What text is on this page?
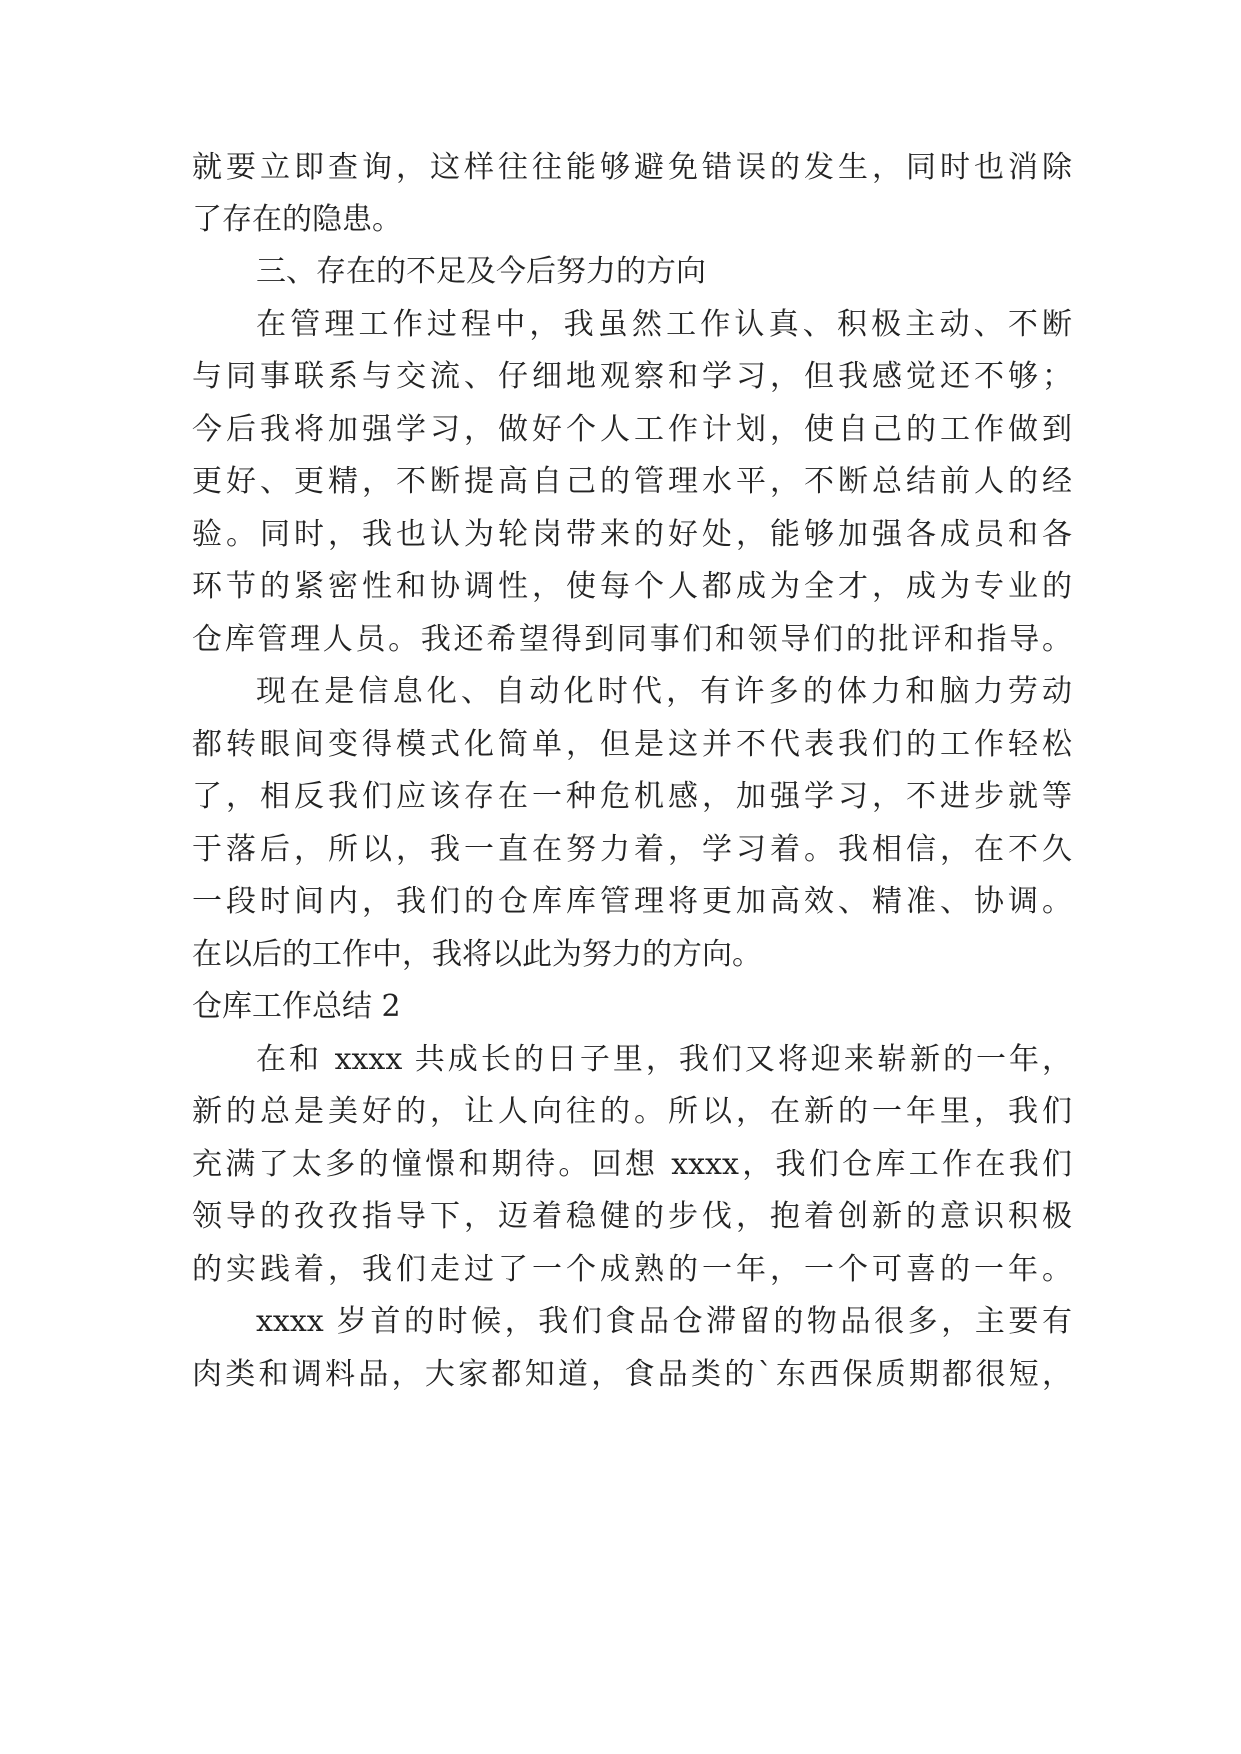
就要立即查询，这样往往能够避免错误的发生，同时也消除
了存在的隐患。
三、存在的不足及今后努力的方向
在管理工作过程中，我虽然工作认真、积极主动、不断
与同事联系与交流、仔细地观察和学习，但我感觉还不够；
今后我将加强学习，做好个人工作计划，使自己的工作做到
更好、更精，不断提高自己的管理水平，不断总结前人的经
验。同时，我也认为轮岗带来的好处，能够加强各成员和各
环节的紧密性和协调性，使每个人都成为全才，成为专业的
仓库管理人员。我还希望得到同事们和领导们的批评和指导。
现在是信息化、自动化时代，有许多的体力和脑力劳动
都转眼间变得模式化简单，但是这并不代表我们的工作轻松
了，相反我们应该存在一种危机感，加强学习，不进步就等
于落后，所以，我一直在努力着，学习着。我相信，在不久
一段时间内，我们的仓库库管理将更加高效、精准、协调。
在以后的工作中，我将以此为努力的方向。
仓库工作总结 2
在和 xxxx 共成长的日子里，我们又将迎来崭新的一年，
新的总是美好的，让人向往的。所以，在新的一年里，我们
充满了太多的憧憬和期待。回想 xxxx，我们仓库工作在我们
领导的孜孜指导下，迈着稳健的步伐，抱着创新的意识积极
的实践着，我们走过了一个成熟的一年，一个可喜的一年。
xxxx 岁首的时候，我们食品仓滞留的物品很多，主要有
肉类和调料品，大家都知道，食品类的`东西保质期都很短，
